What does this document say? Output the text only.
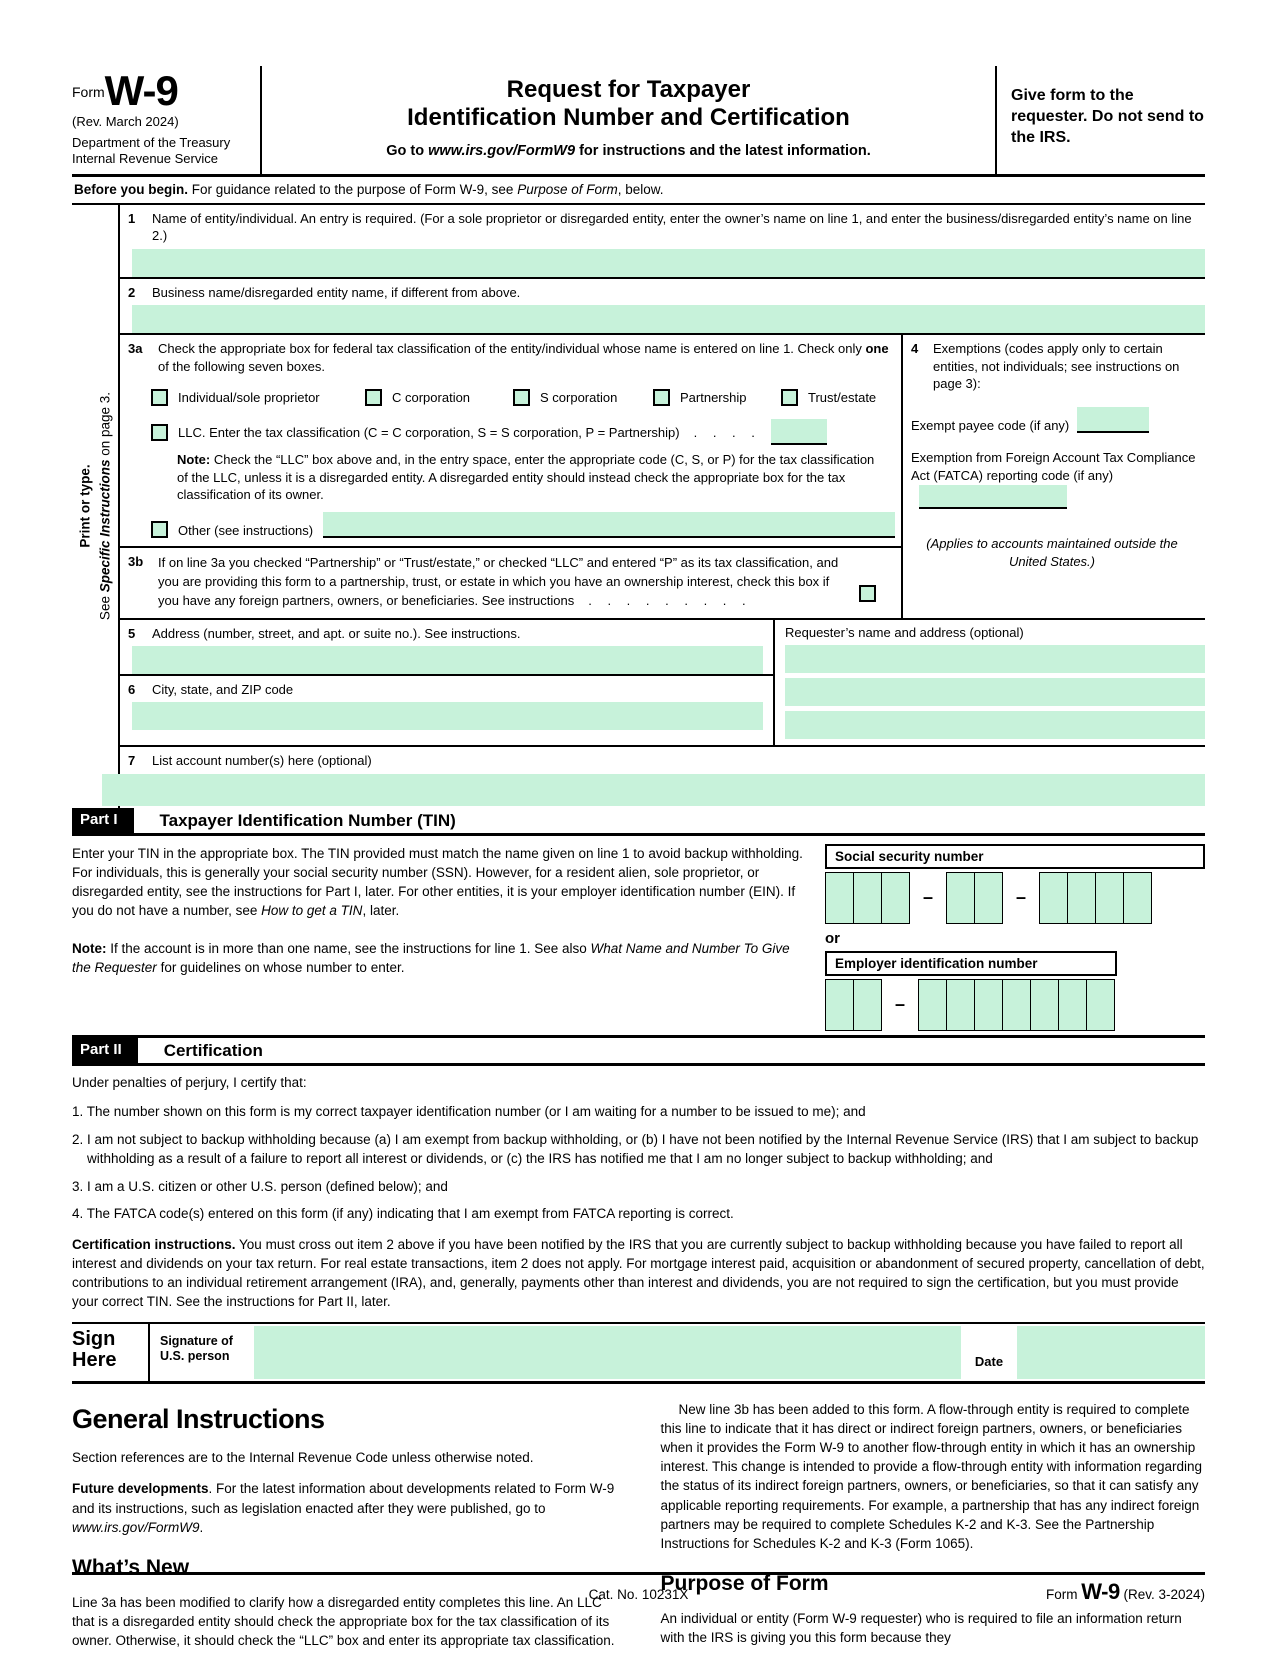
FormW-9
(Rev. March 2024)
Department of the Treasury
Internal Revenue Service
Request for Taxpayer
Identification Number and Certification
Go to www.irs.gov/FormW9 for instructions and the latest information.
Give form to the requester. Do not send to the IRS.
Before you begin. For guidance related to the purpose of Form W-9, see Purpose of Form, below.
Print or type.
See Specific Instructions on page 3.
1	Name of entity/individual. An entry is required. (For a sole proprietor or disregarded entity, enter the owner’s name on line 1, and enter the business/disregarded entity’s name on line 2.)
2	Business name/disregarded entity name, if different from above.
3a	Check the appropriate box for federal tax classification of the entity/individual whose name is entered on line 1. Check only one of the following seven boxes.
Individual/sole proprietor	C corporation	S corporation	Partnership	Trust/estate
LLC. Enter the tax classification (C = C corporation, S = S corporation, P = Partnership) . . . .
Note: Check the “LLC” box above and, in the entry space, enter the appropriate code (C, S, or P) for the tax classification of the LLC, unless it is a disregarded entity. A disregarded entity should instead check the appropriate box for the tax classification of its owner.
Other (see instructions)
3b	If on line 3a you checked “Partnership” or “Trust/estate,” or checked “LLC” and entered “P” as its tax classification, and you are providing this form to a partnership, trust, or estate in which you have an ownership interest, check this box if you have any foreign partners, owners, or beneficiaries. See instructions . . . . . . . . .
4	Exemptions (codes apply only to certain entities, not individuals; see instructions on page 3):
Exempt payee code (if any)
Exemption from Foreign Account Tax Compliance Act (FATCA) reporting code (if any)
(Applies to accounts maintained outside the United States.)
5	Address (number, street, and apt. or suite no.). See instructions.
6	City, state, and ZIP code
Requester’s name and address (optional)
7	List account number(s) here (optional)
Part I	Taxpayer Identification Number (TIN)

Enter your TIN in the appropriate box. The TIN provided must match the name given on line 1 to avoid backup withholding. For individuals, this is generally your social security number (SSN). However, for a resident alien, sole proprietor, or disregarded entity, see the instructions for Part I, later. For other entities, it is your employer identification number (EIN). If you do not have a number, see How to get a TIN, later.

Note: If the account is in more than one name, see the instructions for line 1. See also What Name and Number To Give the Requester for guidelines on whose number to enter.

Social security number
–	–
or
Employer identification number
–
Part II	Certification

Under penalties of perjury, I certify that:

1. The number shown on this form is my correct taxpayer identification number (or I am waiting for a number to be issued to me); and

2. I am not subject to backup withholding because (a) I am exempt from backup withholding, or (b) I have not been notified by the Internal Revenue Service (IRS) that I am subject to backup withholding as a result of a failure to report all interest or dividends, or (c) the IRS has notified me that I am no longer subject to backup withholding; and

3. I am a U.S. citizen or other U.S. person (defined below); and

4. The FATCA code(s) entered on this form (if any) indicating that I am exempt from FATCA reporting is correct.

Certification instructions. You must cross out item 2 above if you have been notified by the IRS that you are currently subject to backup withholding because you have failed to report all interest and dividends on your tax return. For real estate transactions, item 2 does not apply. For mortgage interest paid, acquisition or abandonment of secured property, cancellation of debt, contributions to an individual retirement arrangement (IRA), and, generally, payments other than interest and dividends, you are not required to sign the certification, but you must provide your correct TIN. See the instructions for Part II, later.

Sign
Here
Signature of
U.S. person	Date
General Instructions

Section references are to the Internal Revenue Code unless otherwise noted.

Future developments. For the latest information about developments related to Form W-9 and its instructions, such as legislation enacted after they were published, go to www.irs.gov/FormW9.

What’s New

Line 3a has been modified to clarify how a disregarded entity completes this line. An LLC that is a disregarded entity should check the appropriate box for the tax classification of its owner. Otherwise, it should check the “LLC” box and enter its appropriate tax classification.

New line 3b has been added to this form. A flow-through entity is required to complete this line to indicate that it has direct or indirect foreign partners, owners, or beneficiaries when it provides the Form W-9 to another flow-through entity in which it has an ownership interest. This change is intended to provide a flow-through entity with information regarding the status of its indirect foreign partners, owners, or beneficiaries, so that it can satisfy any applicable reporting requirements. For example, a partnership that has any indirect foreign partners may be required to complete Schedules K-2 and K-3. See the Partnership Instructions for Schedules K-2 and K-3 (Form 1065).

Purpose of Form

An individual or entity (Form W-9 requester) who is required to file an information return with the IRS is giving you this form because they

Cat. No. 10231X	Form W-9 (Rev. 3-2024)
